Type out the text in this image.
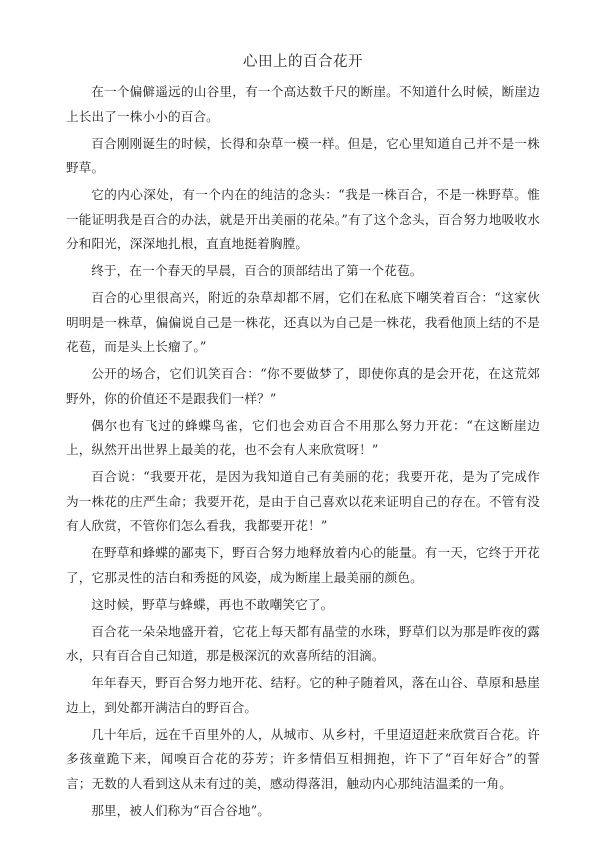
心田上的百合花开

在一个偏僻遥远的山谷里，有一个高达数千尺的断崖。不知道什么时候，断崖边上长出了一株小小的百合。

百合刚刚诞生的时候，长得和杂草一模一样。但是，它心里知道自己并不是一株野草。

它的内心深处，有一个内在的纯洁的念头：“我是一株百合，不是一株野草。惟一能证明我是百合的办法，就是开出美丽的花朵。”有了这个念头，百合努力地吸收水分和阳光，深深地扎根，直直地挺着胸膛。

终于，在一个春天的早晨，百合的顶部结出了第一个花苞。

百合的心里很高兴，附近的杂草却都不屑，它们在私底下嘲笑着百合：“这家伙明明是一株草，偏偏说自己是一株花，还真以为自己是一株花，我看他顶上结的不是花苞，而是头上长瘤了。”

公开的场合，它们讥笑百合：“你不要做梦了，即使你真的是会开花，在这荒郊野外，你的价值还不是跟我们一样？”

偶尔也有飞过的蜂蝶鸟雀，它们也会劝百合不用那么努力开花：“在这断崖边上，纵然开出世界上最美的花，也不会有人来欣赏呀！”

百合说：“我要开花，是因为我知道自己有美丽的花；我要开花，是为了完成作为一株花的庄严生命；我要开花，是由于自己喜欢以花来证明自己的存在。不管有没有人欣赏，不管你们怎么看我，我都要开花！”

在野草和蜂蝶的鄙夷下，野百合努力地释放着内心的能量。有一天，它终于开花了，它那灵性的洁白和秀挺的风姿，成为断崖上最美丽的颜色。

这时候，野草与蜂蝶，再也不敢嘲笑它了。

百合花一朵朵地盛开着，它花上每天都有晶莹的水珠，野草们以为那是昨夜的露水，只有百合自己知道，那是极深沉的欢喜所结的泪滴。

年年春天，野百合努力地开花、结籽。它的种子随着风，落在山谷、草原和悬崖边上，到处都开满洁白的野百合。

几十年后，远在千百里外的人，从城市、从乡村，千里迢迢赶来欣赏百合花。许多孩童跪下来，闻嗅百合花的芬芳；许多情侣互相拥抱，许下了“百年好合”的誓 言；无数的人看到这从未有过的美，感动得落泪，触动内心那纯洁温柔的一角。

那里，被人们称为“百合谷地”。
